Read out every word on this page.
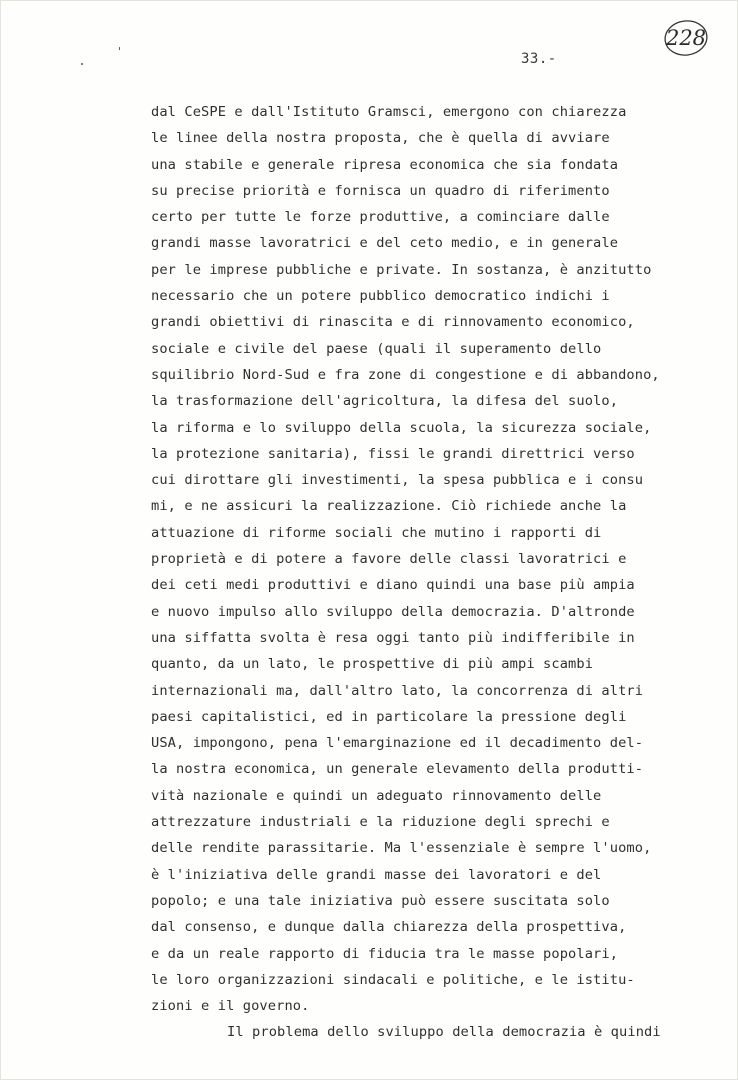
228
33.-
dal CeSPE e dall'Istituto Gramsci, emergono con chiarezza
le linee della nostra proposta, che è quella di avviare
una stabile e generale ripresa economica che sia fondata
su precise priorità e fornisca un quadro di riferimento
certo per tutte le forze produttive, a cominciare dalle
grandi masse lavoratrici e del ceto medio, e in generale
per le imprese pubbliche e private. In sostanza, è anzitutto
necessario che un potere pubblico democratico indichi i
grandi obiettivi di rinascita e di rinnovamento economico,
sociale e civile del paese (quali il superamento dello
squilibrio Nord-Sud e fra zone di congestione e di abbandono,
la trasformazione dell'agricoltura, la difesa del suolo,
la riforma e lo sviluppo della scuola, la sicurezza sociale,
la protezione sanitaria), fissi le grandi direttrici verso
cui dirottare gli investimenti, la spesa pubblica e i consu
mi, e ne assicuri la realizzazione. Ciò richiede anche la
attuazione di riforme sociali che mutino i rapporti di
proprietà e di potere a favore delle classi lavoratrici e
dei ceti medi produttivi e diano quindi una base più ampia
e nuovo impulso allo sviluppo della democrazia. D'altronde
una siffatta svolta è resa oggi tanto più indifferibile in
quanto, da un lato, le prospettive di più ampi scambi
internazionali ma, dall'altro lato, la concorrenza di altri
paesi capitalistici, ed in particolare la pressione degli
USA, impongono, pena l'emarginazione ed il decadimento del-
la nostra economica, un generale elevamento della produtti-
vità nazionale e quindi un adeguato rinnovamento delle
attrezzature industriali e la riduzione degli sprechi e
delle rendite parassitarie. Ma l'essenziale è sempre l'uomo,
è l'iniziativa delle grandi masse dei lavoratori e del
popolo; e una tale iniziativa può essere suscitata solo
dal consenso, e dunque dalla chiarezza della prospettiva,
e da un reale rapporto di fiducia tra le masse popolari,
le loro organizzazioni sindacali e politiche, e le istitu-
zioni e il governo.
Il problema dello sviluppo della democrazia è quindi
